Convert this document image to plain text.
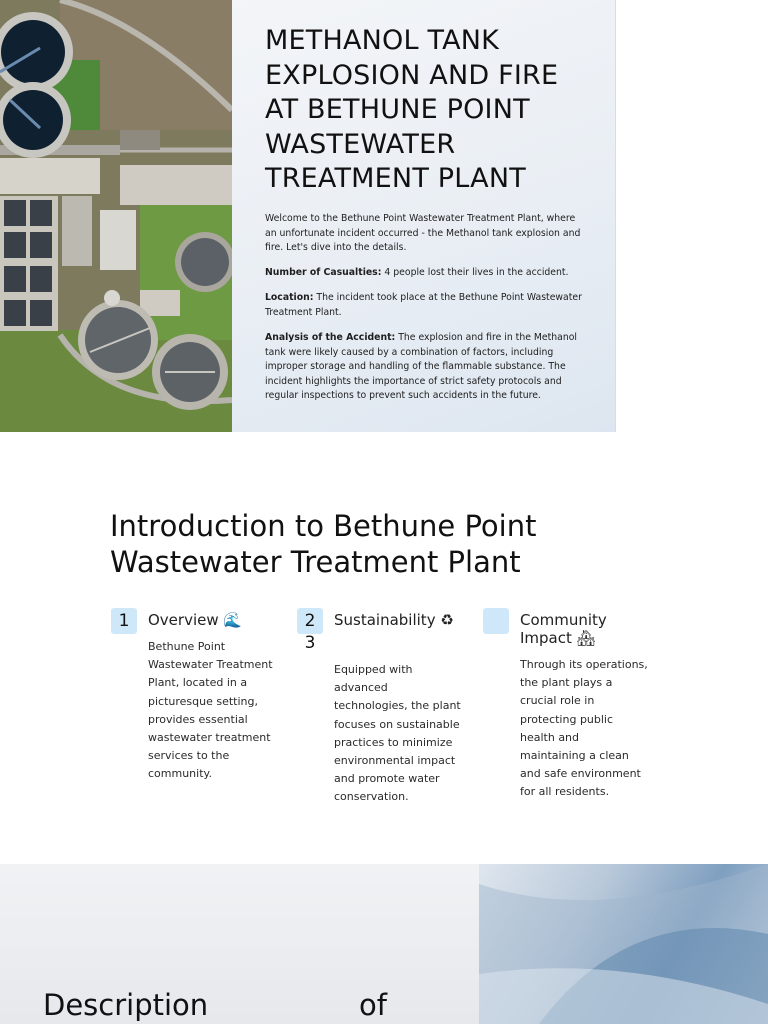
METHANOL TANK EXPLOSION AND FIRE AT BETHUNE POINT WASTEWATER TREATMENT PLANT

Welcome to the Bethune Point Wastewater Treatment Plant, where an unfortunate incident occurred - the Methanol tank explosion and fire. Let's dive into the details.

Number of Casualties: 4 people lost their lives in the accident.

Location: The incident took place at the Bethune Point Wastewater Treatment Plant.

Analysis of the Accident: The explosion and fire in the Methanol tank were likely caused by a combination of factors, including improper storage and handling of the flammable substance. The incident highlights the importance of strict safety protocols and regular inspections to prevent such accidents in the future.

Introduction to Bethune Point Wastewater Treatment Plant
1	Overview 🌊
Bethune Point Wastewater Treatment Plant, located in a picturesque setting, provides essential wastewater treatment services to the community.
2
3
Sustainability ♻
Equipped with advanced technologies, the plant focuses on sustainable practices to minimize environmental impact and promote water conservation.
Community Impact 🏘
Through its operations, the plant plays a crucial role in protecting public health and maintaining a clean and safe environment for all residents.
Description	of
